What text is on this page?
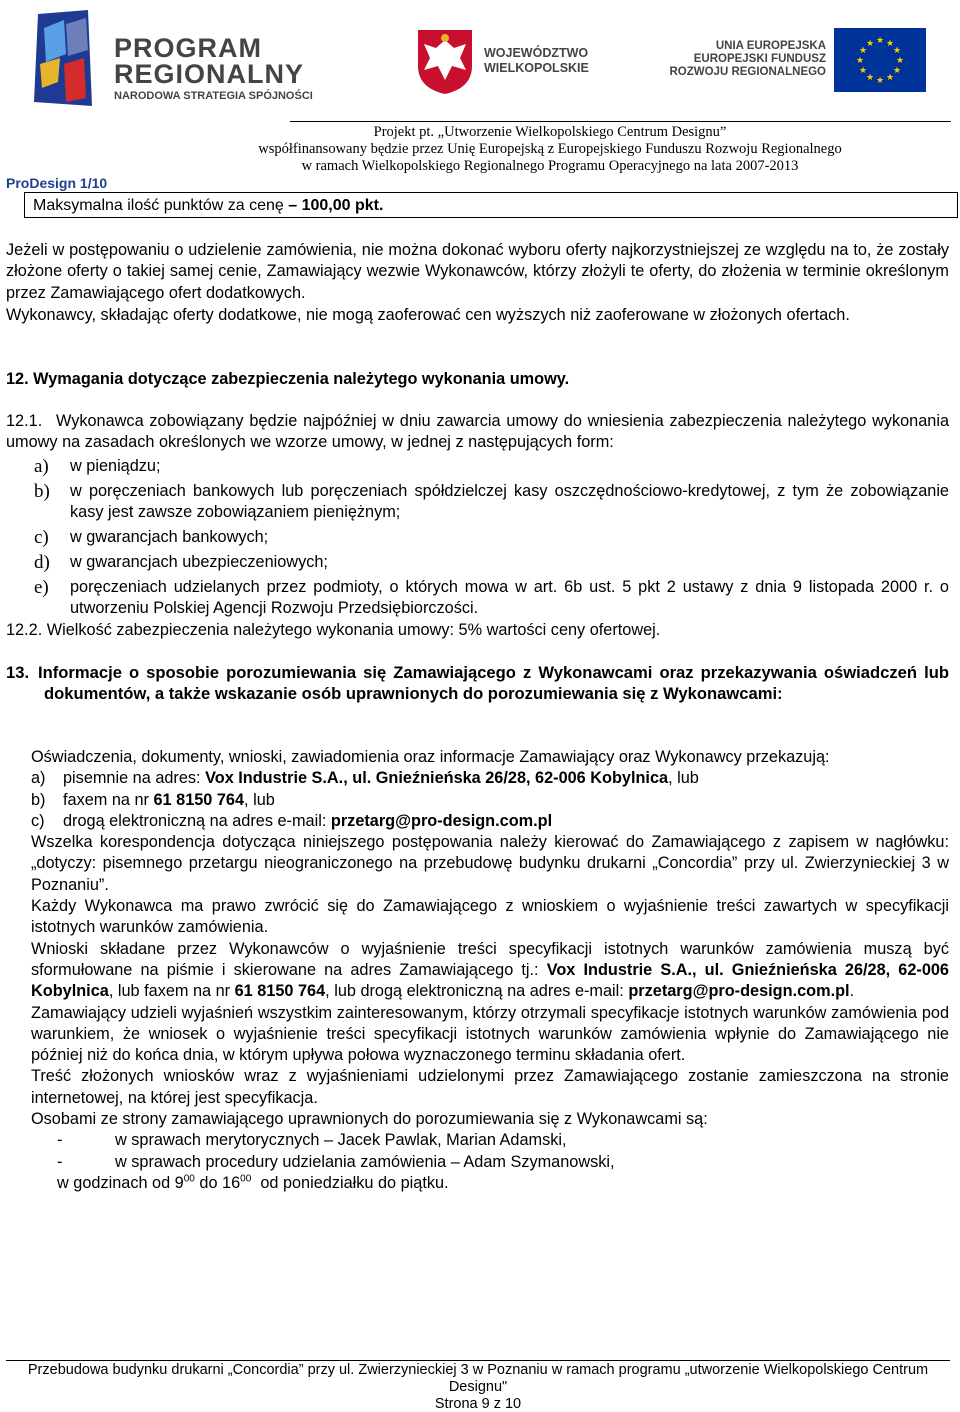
PROGRAM
REGIONALNY
NARODOWA STRATEGIA SPÓJNOŚCI
WOJEWÓDZTWO
WIELKOPOLSKIE
UNIA EUROPEJSKA
EUROPEJSKI FUNDUSZ
ROZWOJU REGIONALNEGO
★ ★
★
★
★
★
★
★
★
★
★
★
Projekt pt. „Utworzenie Wielkopolskiego Centrum Designu”
współfinansowany będzie przez Unię Europejską z Europejskiego Funduszu Rozwoju Regionalnego
w ramach Wielkopolskiego Regionalnego Programu Operacyjnego na lata 2007-2013
ProDesign 1/10
Maksymalna ilość punktów za cenę – 100,00 pkt.

Jeżeli w postępowaniu o udzielenie zamówienia, nie można dokonać wyboru oferty najkorzystniejszej ze względu na to, że zostały złożone oferty o takiej samej cenie, Zamawiający wezwie Wykonawców, którzy złożyli te oferty, do złożenia w terminie określonym przez Zamawiającego ofert dodatkowych.

Wykonawcy, składając oferty dodatkowe, nie mogą zaoferować cen wyższych niż zaoferowane w złożonych ofertach.

12. Wymagania dotyczące zabezpieczenia należytego wykonania umowy.
12.1. Wykonawca zobowiązany będzie najpóźniej w dniu zawarcia umowy do wniesienia zabezpieczenia należytego wykonania umowy na zasadach określonych we wzorze umowy, w jednej z następujących form:
a) w pieniądzu;
b) w poręczeniach bankowych lub poręczeniach spółdzielczej kasy oszczędnościowo-kredytowej, z tym że zobowiązanie kasy jest zawsze zobowiązaniem pieniężnym;
c) w gwarancjach bankowych;
d) w gwarancjach ubezpieczeniowych;
e) poręczeniach udzielanych przez podmioty, o których mowa w art. 6b ust. 5 pkt 2 ustawy z dnia 9 listopada 2000 r. o utworzeniu Polskiej Agencji Rozwoju Przedsiębiorczości.
12.2. Wielkość zabezpieczenia należytego wykonania umowy: 5% wartości ceny ofertowej.
13. Informacje o sposobie porozumiewania się Zamawiającego z Wykonawcami oraz przekazywania oświadczeń lub dokumentów, a także wskazanie osób uprawnionych do porozumiewania się z Wykonawcami:
Oświadczenia, dokumenty, wnioski, zawiadomienia oraz informacje Zamawiający oraz Wykonawcy przekazują:
a) pisemnie na adres: Vox Industrie S.A., ul. Gnieźnieńska 26/28, 62-006 Kobylnica, lub
b) faxem na nr 61 8150 764, lub
c) drogą elektroniczną na adres e-mail: przetarg@pro-design.com.pl
Wszelka korespondencja dotycząca niniejszego postępowania należy kierować do Zamawiającego z zapisem w nagłówku: „dotyczy: pisemnego przetargu nieograniczonego na przebudowę budynku drukarni „Concordia” przy ul. Zwierzynieckiej 3 w Poznaniu”.
Każdy Wykonawca ma prawo zwrócić się do Zamawiającego z wnioskiem o wyjaśnienie treści zawartych w specyfikacji istotnych warunków zamówienia.
Wnioski składane przez Wykonawców o wyjaśnienie treści specyfikacji istotnych warunków zamówienia muszą być sformułowane na piśmie i skierowane na adres Zamawiającego tj.: Vox Industrie S.A., ul. Gnieźnieńska 26/28, 62-006 Kobylnica, lub faxem na nr 61 8150 764, lub drogą elektroniczną na adres e-mail: przetarg@pro-design.com.pl.
Zamawiający udzieli wyjaśnień wszystkim zainteresowanym, którzy otrzymali specyfikacje istotnych warunków zamówienia pod warunkiem, że wniosek o wyjaśnienie treści specyfikacji istotnych warunków zamówienia wpłynie do Zamawiającego nie później niż do końca dnia, w którym upływa połowa wyznaczonego terminu składania ofert.
Treść złożonych wniosków wraz z wyjaśnieniami udzielonymi przez Zamawiającego zostanie zamieszczona na stronie internetowej, na której jest specyfikacja.
Osobami ze strony zamawiającego uprawnionych do porozumiewania się z Wykonawcami są:
-	w sprawach merytorycznych – Jacek Pawlak, Marian Adamski,
-	w sprawach procedury udzielania zamówienia – Adam Szymanowski,
w godzinach od $9^{00}$ do $16^{00}$  od poniedziałku do piątku.
Przebudowa budynku drukarni „Concordia” przy ul. Zwierzynieckiej 3 w Poznaniu w ramach programu „utworzenie Wielkopolskiego Centrum
Designu"
Strona 9 z 10
